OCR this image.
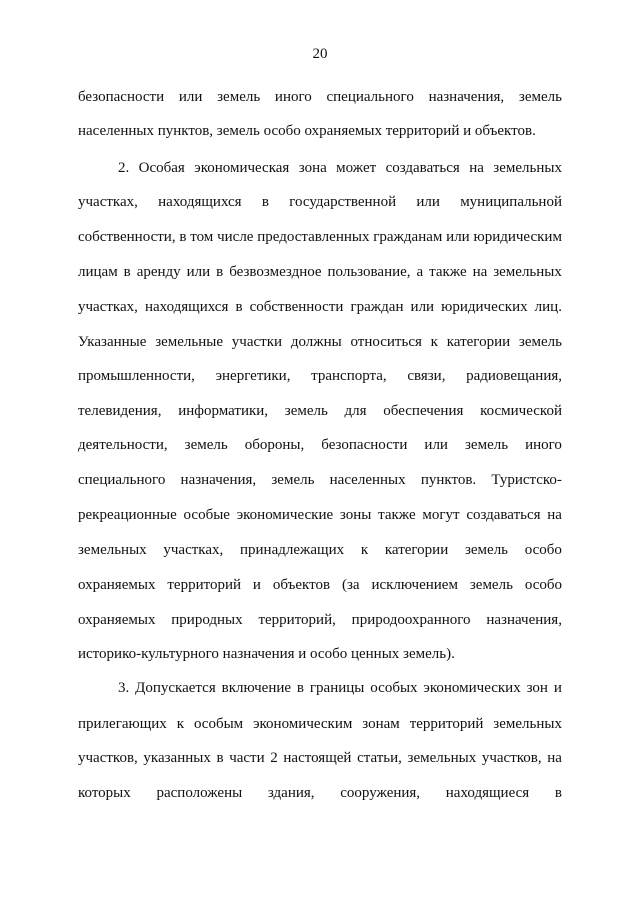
20
безопасности или земель иного специального назначения, земель
населенных пунктов, земель особо охраняемых территорий и объектов.
2. Особая экономическая зона может создаваться на земельных
участках, находящихся в государственной или муниципальной
собственности, в том числе предоставленных гражданам или юридическим
лицам в аренду или в безвозмездное пользование, а также на земельных
участках, находящихся в собственности граждан или юридических лиц.
Указанные земельные участки должны относиться к категории земель
промышленности, энергетики, транспорта, связи, радиовещания,
телевидения, информатики, земель для обеспечения космической
деятельности, земель обороны, безопасности или земель иного
специального назначения, земель населенных пунктов. Туристско-
рекреационные особые экономические зоны также могут создаваться на
земельных участках, принадлежащих к категории земель особо
охраняемых территорий и объектов (за исключением земель особо
охраняемых природных территорий, природоохранного назначения,
историко-культурного назначения и особо ценных земель).
3. Допускается включение в границы особых экономических зон и
прилегающих к особым экономическим зонам территорий земельных
участков, указанных в части 2 настоящей статьи, земельных участков, на
которых расположены здания, сооружения, находящиеся в
